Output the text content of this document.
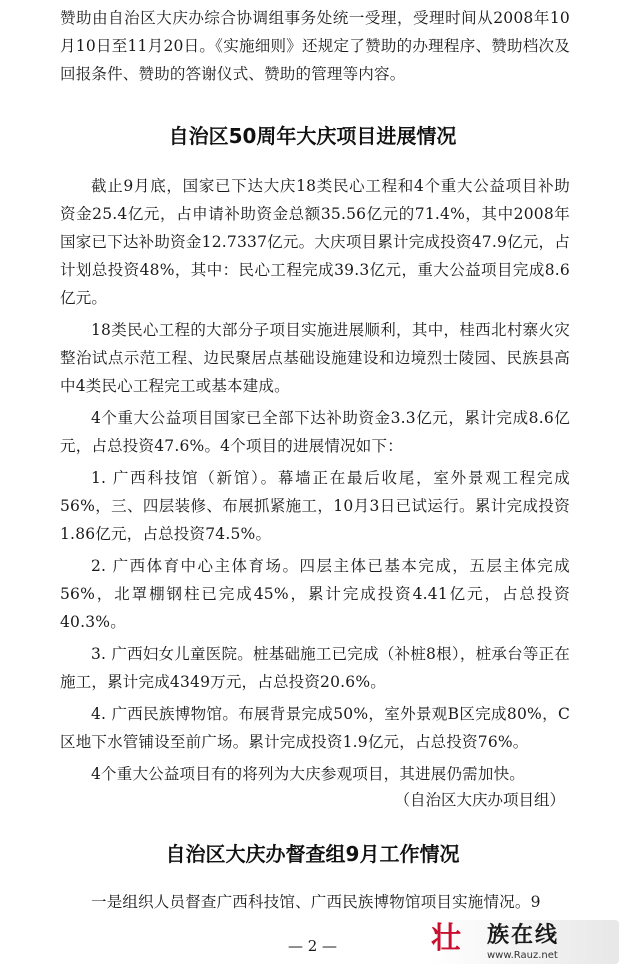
赞助由自治区大庆办综合协调组事务处统一受理，受理时间从2008年10月10日至11月20日。《实施细则》还规定了赞助的办理程序、赞助档次及回报条件、赞助的答谢仪式、赞助的管理等内容。

自治区50周年大庆项目进展情况

截止9月底，国家已下达大庆18类民心工程和4个重大公益项目补助资金25.4亿元，占申请补助资金总额35.56亿元的71.4%，其中2008年国家已下达补助资金12.7337亿元。大庆项目累计完成投资47.9亿元，占计划总投资48%，其中：民心工程完成39.3亿元，重大公益项目完成8.6亿元。

18类民心工程的大部分子项目实施进展顺利，其中，桂西北村寨火灾整治试点示范工程、边民聚居点基础设施建设和边境烈士陵园、民族县高中4类民心工程完工或基本建成。

4个重大公益项目国家已全部下达补助资金3.3亿元，累计完成8.6亿元，占总投资47.6%。4个项目的进展情况如下：

1. 广西科技馆（新馆）。幕墙正在最后收尾，室外景观工程完成56%，三、四层装修、布展抓紧施工，10月3日已试运行。累计完成投资1.86亿元，占总投资74.5%。

2. 广西体育中心主体育场。四层主体已基本完成，五层主体完成56%，北罩棚钢柱已完成45%，累计完成投资4.41亿元，占总投资40.3%。

3. 广西妇女儿童医院。桩基础施工已完成（补桩8根），桩承台等正在施工，累计完成4349万元，占总投资20.6%。

4. 广西民族博物馆。布展背景完成50%，室外景观B区完成80%，C区地下水管铺设至前广场。累计完成投资1.9亿元，占总投资76%。

4个重大公益项目有的将列为大庆参观项目，其进展仍需加快。

（自治区大庆办项目组）
自治区大庆办督查组9月工作情况

一是组织人员督查广西科技馆、广西民族博物馆项目实施情况。9

— 2 —	壮 族在线
www.Rauz.net
